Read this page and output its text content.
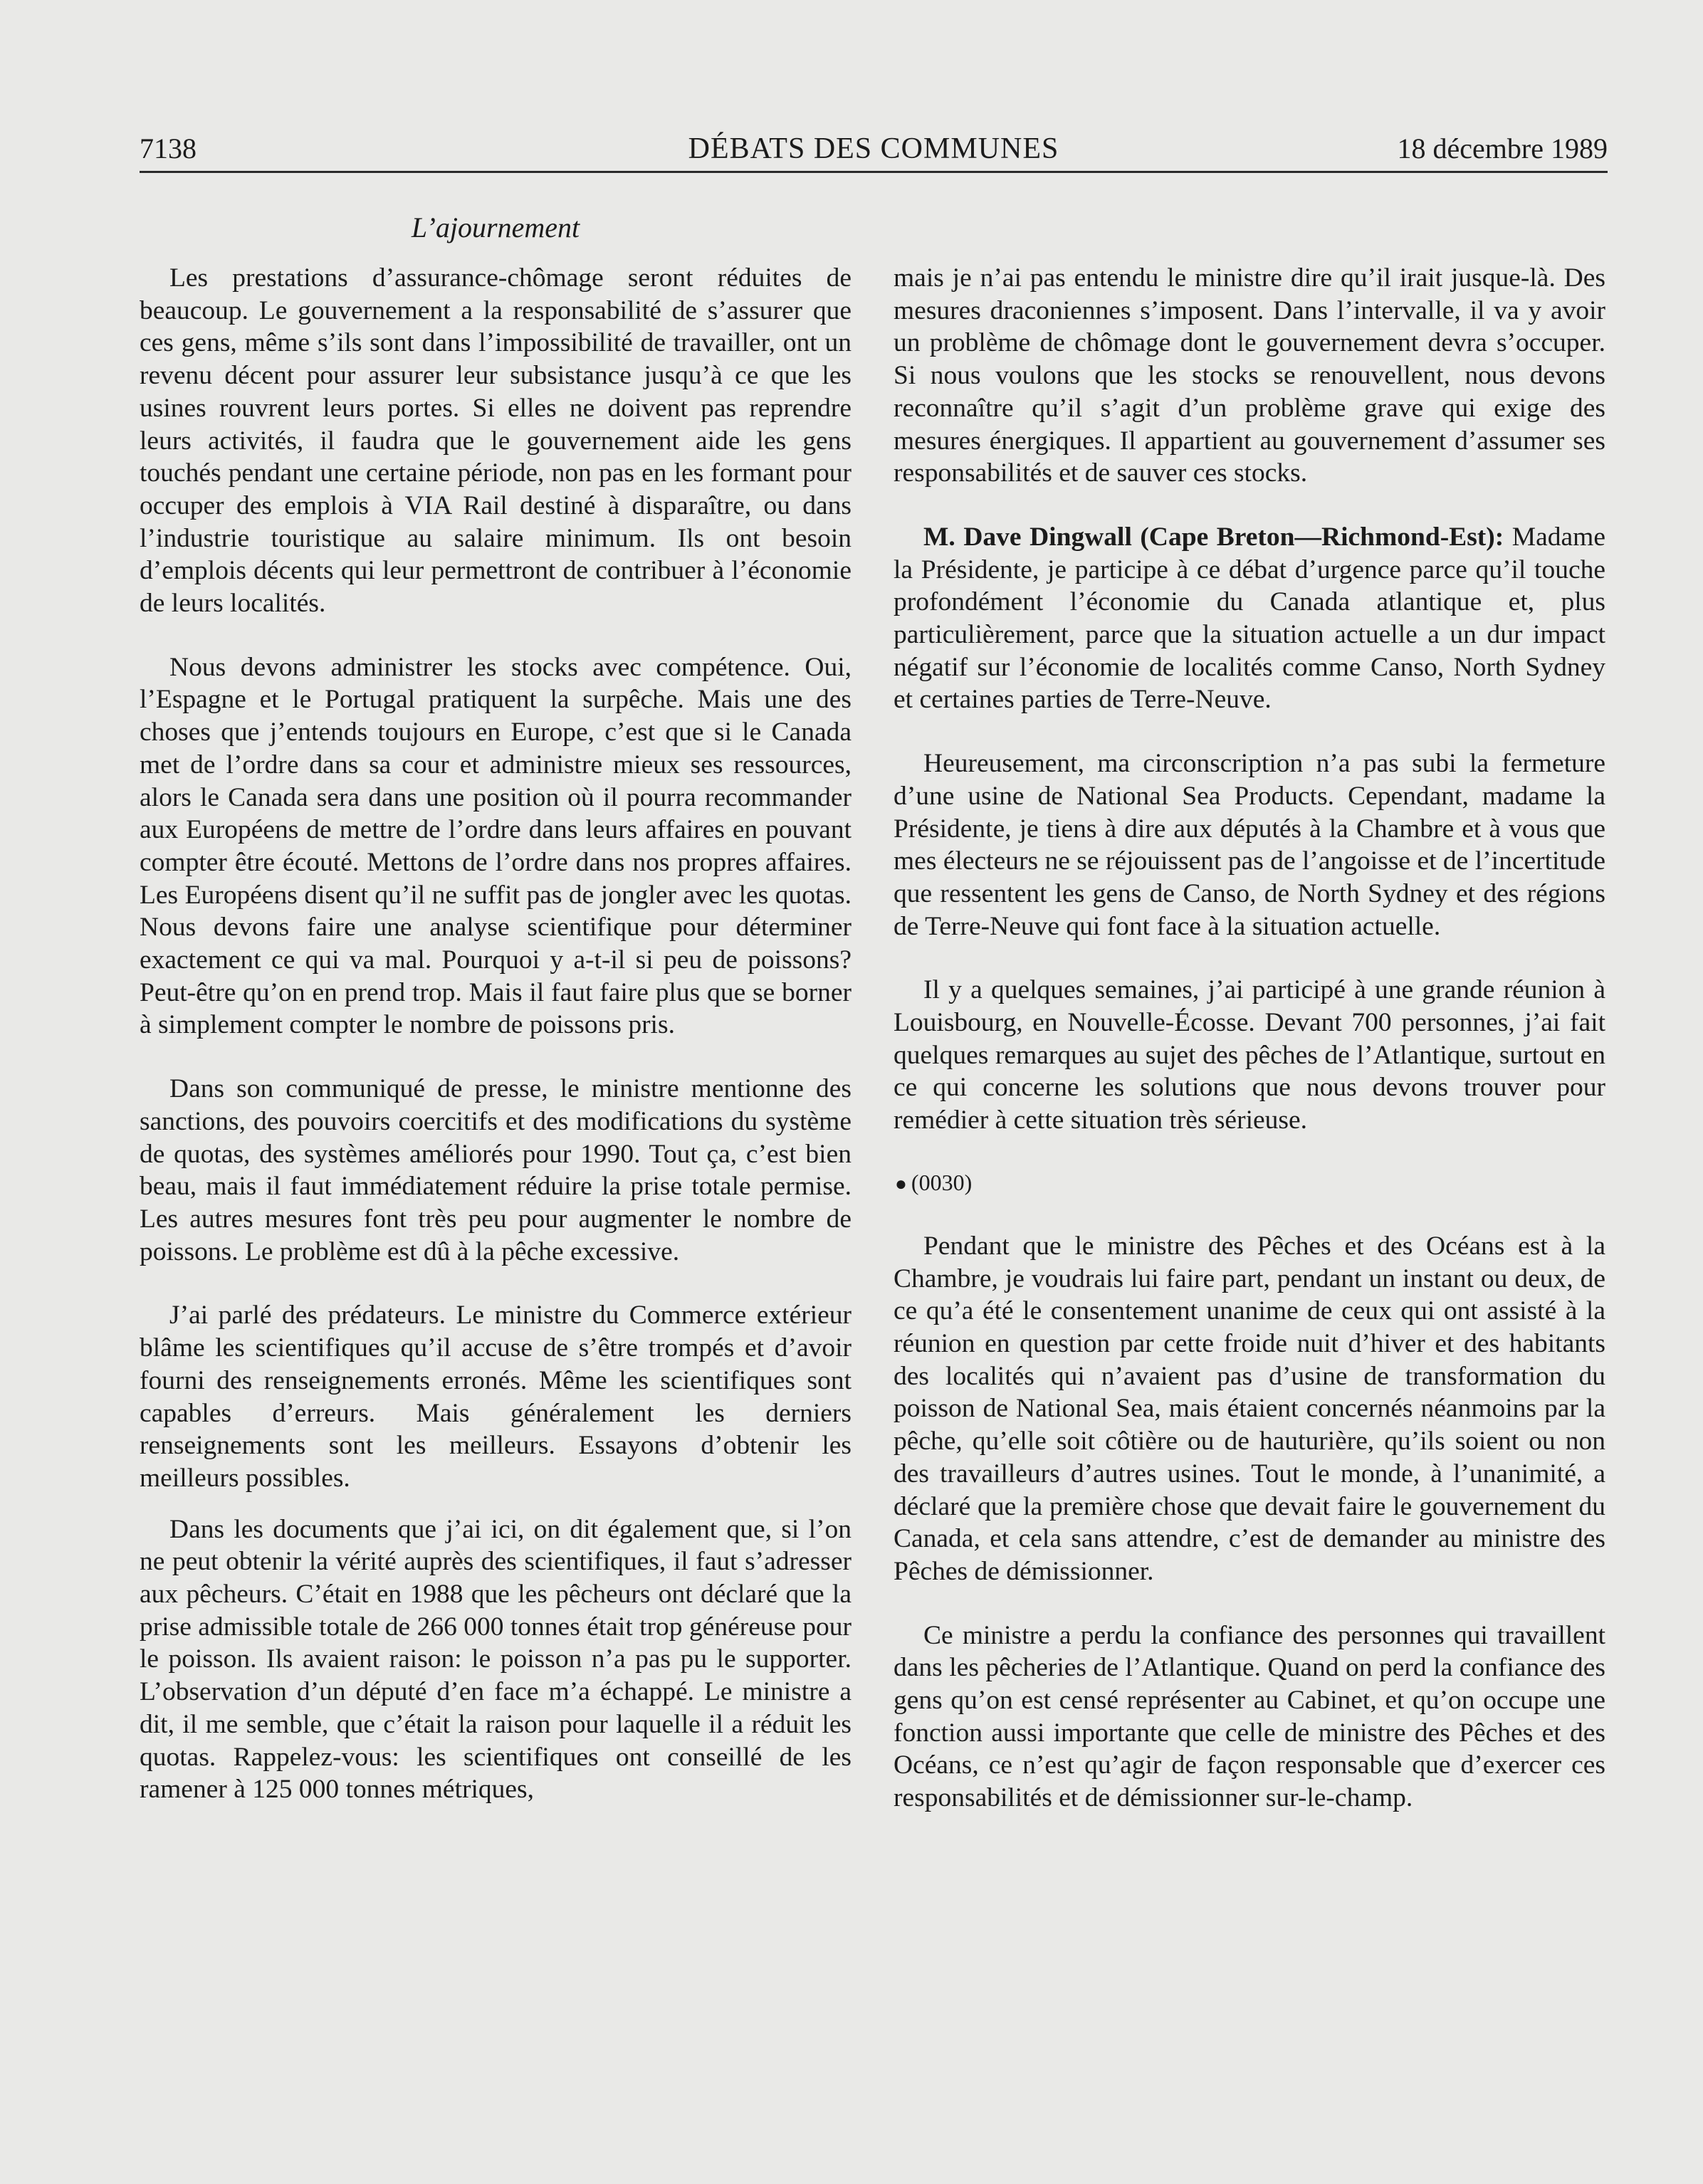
7138	DÉBATS DES COMMUNES	18 décembre 1989
L’ajournement

Les prestations d’assurance-chômage seront réduites de beaucoup. Le gouvernement a la responsabilité de s’assurer que ces gens, même s’ils sont dans l’impossibilité de travailler, ont un revenu décent pour assurer leur subsistance jusqu’à ce que les usines rouvrent leurs portes. Si elles ne doivent pas reprendre leurs activités, il faudra que le gouvernement aide les gens touchés pendant une certaine période, non pas en les formant pour occuper des emplois à VIA Rail destiné à disparaître, ou dans l’industrie touristique au salaire minimum. Ils ont besoin d’emplois décents qui leur permettront de contribuer à l’économie de leurs localités.

Nous devons administrer les stocks avec compétence. Oui, l’Espagne et le Portugal pratiquent la surpêche. Mais une des choses que j’entends toujours en Europe, c’est que si le Canada met de l’ordre dans sa cour et administre mieux ses ressources, alors le Canada sera dans une position où il pourra recommander aux Européens de mettre de l’ordre dans leurs affaires en pouvant compter être écouté. Mettons de l’ordre dans nos propres affaires. Les Européens disent qu’il ne suffit pas de jongler avec les quotas. Nous devons faire une analyse scientifique pour déterminer exactement ce qui va mal. Pourquoi y a-t-il si peu de poissons? Peut-être qu’on en prend trop. Mais il faut faire plus que se borner à simplement compter le nombre de poissons pris.

Dans son communiqué de presse, le ministre mentionne des sanctions, des pouvoirs coercitifs et des modifications du système de quotas, des systèmes améliorés pour 1990. Tout ça, c’est bien beau, mais il faut immédiatement réduire la prise totale permise. Les autres mesures font très peu pour augmenter le nombre de poissons. Le problème est dû à la pêche excessive.

J’ai parlé des prédateurs. Le ministre du Commerce extérieur blâme les scientifiques qu’il accuse de s’être trompés et d’avoir fourni des renseignements erronés. Même les scientifiques sont capables d’erreurs. Mais généralement les derniers renseignements sont les meilleurs. Essayons d’obtenir les meilleurs possibles.

Dans les documents que j’ai ici, on dit également que, si l’on ne peut obtenir la vérité auprès des scientifiques, il faut s’adresser aux pêcheurs. C’était en 1988 que les pêcheurs ont déclaré que la prise admissible totale de 266 000 tonnes était trop généreuse pour le poisson. Ils avaient raison: le poisson n’a pas pu le supporter. L’observation d’un député d’en face m’a échappé. Le ministre a dit, il me semble, que c’était la raison pour laquelle il a réduit les quotas. Rappelez-vous: les scientifiques ont conseillé de les ramener à 125 000 tonnes métriques,

mais je n’ai pas entendu le ministre dire qu’il irait jusque-là. Des mesures draconiennes s’imposent. Dans l’intervalle, il va y avoir un problème de chômage dont le gouvernement devra s’occuper. Si nous voulons que les stocks se renouvellent, nous devons reconnaître qu’il s’agit d’un problème grave qui exige des mesures énergiques. Il appartient au gouvernement d’assumer ses responsabilités et de sauver ces stocks.

M. Dave Dingwall (Cape Breton—Richmond-Est): Madame la Présidente, je participe à ce débat d’urgence parce qu’il touche profondément l’économie du Canada atlantique et, plus particulièrement, parce que la situation actuelle a un dur impact négatif sur l’économie de localités comme Canso, North Sydney et certaines parties de Terre-Neuve.

Heureusement, ma circonscription n’a pas subi la fermeture d’une usine de National Sea Products. Cependant, madame la Présidente, je tiens à dire aux députés à la Chambre et à vous que mes électeurs ne se réjouissent pas de l’angoisse et de l’incertitude que ressentent les gens de Canso, de North Sydney et des régions de Terre-Neuve qui font face à la situation actuelle.

Il y a quelques semaines, j’ai participé à une grande réunion à Louisbourg, en Nouvelle-Écosse. Devant 700 personnes, j’ai fait quelques remarques au sujet des pêches de l’Atlantique, surtout en ce qui concerne les solutions que nous devons trouver pour remédier à cette situation très sérieuse.

● (0030)

Pendant que le ministre des Pêches et des Océans est à la Chambre, je voudrais lui faire part, pendant un instant ou deux, de ce qu’a été le consentement unanime de ceux qui ont assisté à la réunion en question par cette froide nuit d’hiver et des habitants des localités qui n’avaient pas d’usine de transformation du poisson de National Sea, mais étaient concernés néanmoins par la pêche, qu’elle soit côtière ou de hauturière, qu’ils soient ou non des travailleurs d’autres usines. Tout le monde, à l’unanimité, a déclaré que la première chose que devait faire le gouvernement du Canada, et cela sans attendre, c’est de demander au ministre des Pêches de démissionner.

Ce ministre a perdu la confiance des personnes qui travaillent dans les pêcheries de l’Atlantique. Quand on perd la confiance des gens qu’on est censé représenter au Cabinet, et qu’on occupe une fonction aussi importante que celle de ministre des Pêches et des Océans, ce n’est qu’agir de façon responsable que d’exercer ces responsabilités et de démissionner sur-le-champ.
